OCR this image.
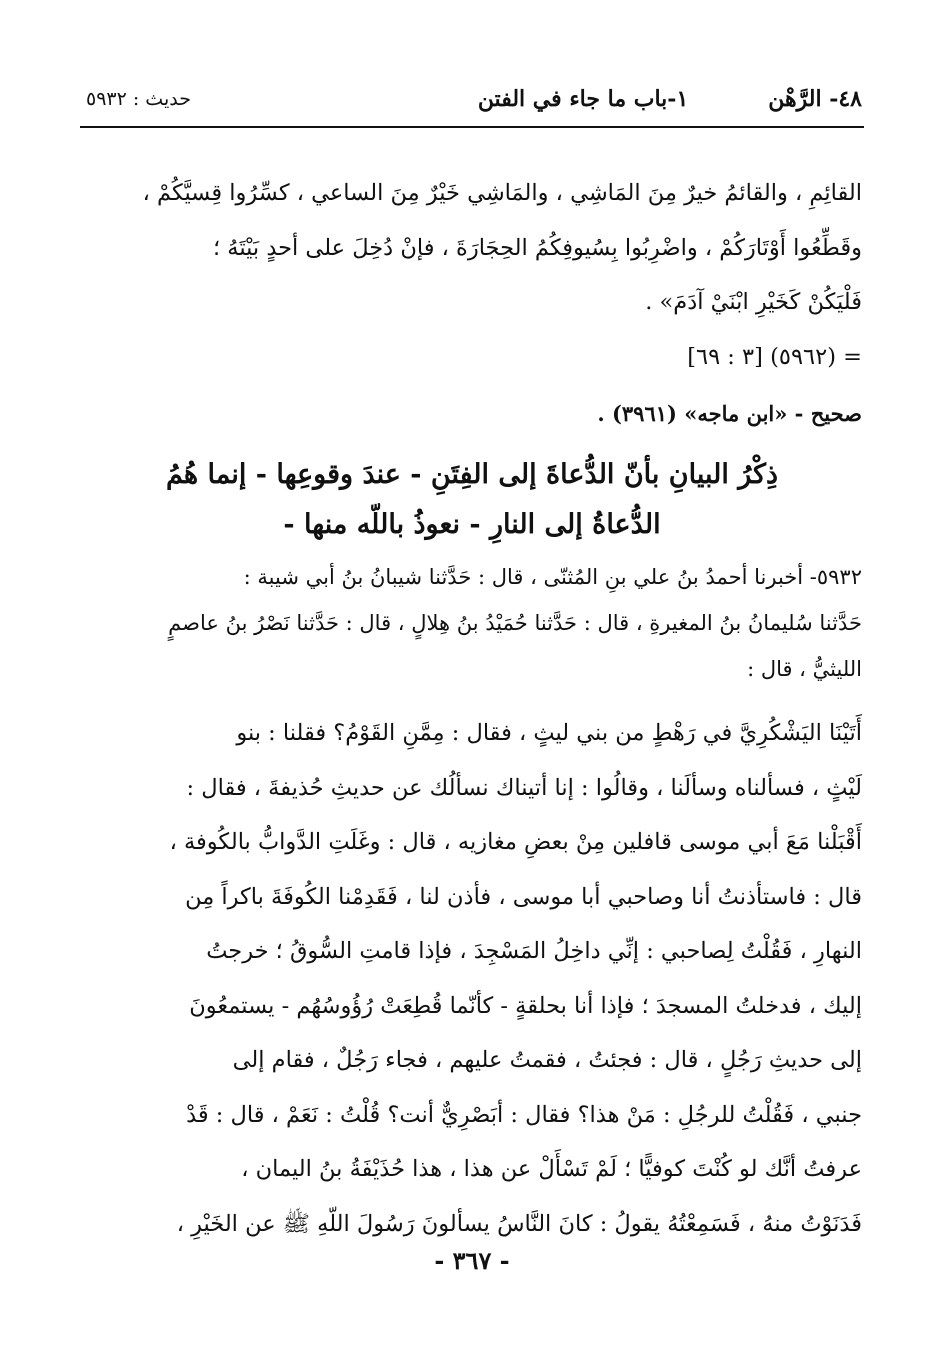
٤٨- الرَّهْن١-باب ما جاء في الفتن
حديث : ٥٩٣٢
القائِمِ ، والقائمُ خيرٌ مِنَ المَاشِي ، والمَاشِي خَيْرٌ مِنَ الساعي ، كسِّرُوا قِسيَّكُمْ ،
وقَطِّعُوا أَوْتَارَكُمْ ، واضْرِبُوا بِسُيوفِكُمُ الحِجَارَةَ ، فإنْ دُخِلَ على أحدٍ بَيْتَهُ ؛
فَلْيَكُنْ كَخَيْرِ ابْنَيْ آدَمَ» .
= (٥٩٦٢) [٣ : ٦٩]
صحيح - «ابن ماجه» (٣٩٦١) .
ذِكْرُ البيانِ بأنّ الدُّعاةَ إلى الفِتَنِ - عندَ وقوعِها - إنما هُمُ
الدُّعاةُ إلى النارِ - نعوذُ باللّه منها -
٥٩٣٢- أخبرنا أحمدُ بنُ علي بنِ المُثنّى ، قال : حَدَّثنا شيبانُ بنُ أبي شيبة :
حَدَّثنا سُليمانُ بنُ المغيرةِ ، قال : حَدَّثنا حُمَيْدُ بنُ هِلالٍ ، قال : حَدَّثنا نَصْرُ بنُ عاصمٍ
الليثيُّ ، قال :
أَتَيْنَا اليَشْكُرِيَّ في رَهْطٍ من بني ليثٍ ، فقال : مِمَّنِ القَوْمُ؟ فقلنا : بنو
لَيْثٍ ، فسألناه وسألَنا ، وقالُوا : إنا أتيناك نسألُك عن حديثِ حُذيفةَ ، فقال :
أَقْبَلْنا مَعَ أبي موسى قافلين مِنْ بعضِ مغازيه ، قال : وغَلَتِ الدَّوابُّ بالكُوفة ،
قال : فاستأذنتُ أنا وصاحبي أبا موسى ، فأذن لنا ، فَقَدِمْنا الكُوفَةَ باكراً مِن
النهارِ ، فَقُلْتُ لِصاحبي : إنِّي داخِلُ المَسْجِدَ ، فإذا قامتِ السُّوقُ ؛ خرجتُ
إليك ، فدخلتُ المسجدَ ؛ فإذا أنا بحلقةٍ - كأنّما قُطِعَتْ رُؤُوسُهُم - يستمعُونَ
إلى حديثِ رَجُلٍ ، قال : فجئتُ ، فقمتُ عليهم ، فجاء رَجُلٌ ، فقام إلى
جنبي ، فَقُلْتُ للرجُلِ : مَنْ هذا؟ فقال : أبَصْرِيٌّ أنت؟ قُلْتُ : نَعَمْ ، قال : قَدْ
عرفتُ أنَّك لو كُنْتَ كوفيًّا ؛ لَمْ تَسْأَلْ عن هذا ، هذا حُذَيْفَةُ بنُ اليمان ،
فَدَنَوْتُ منهُ ، فَسَمِعْتُهُ يقولُ : كانَ النَّاسُ يسألونَ رَسُولَ اللّهِ ﷺ عن الخَيْرِ ،
- ٣٦٧ -
